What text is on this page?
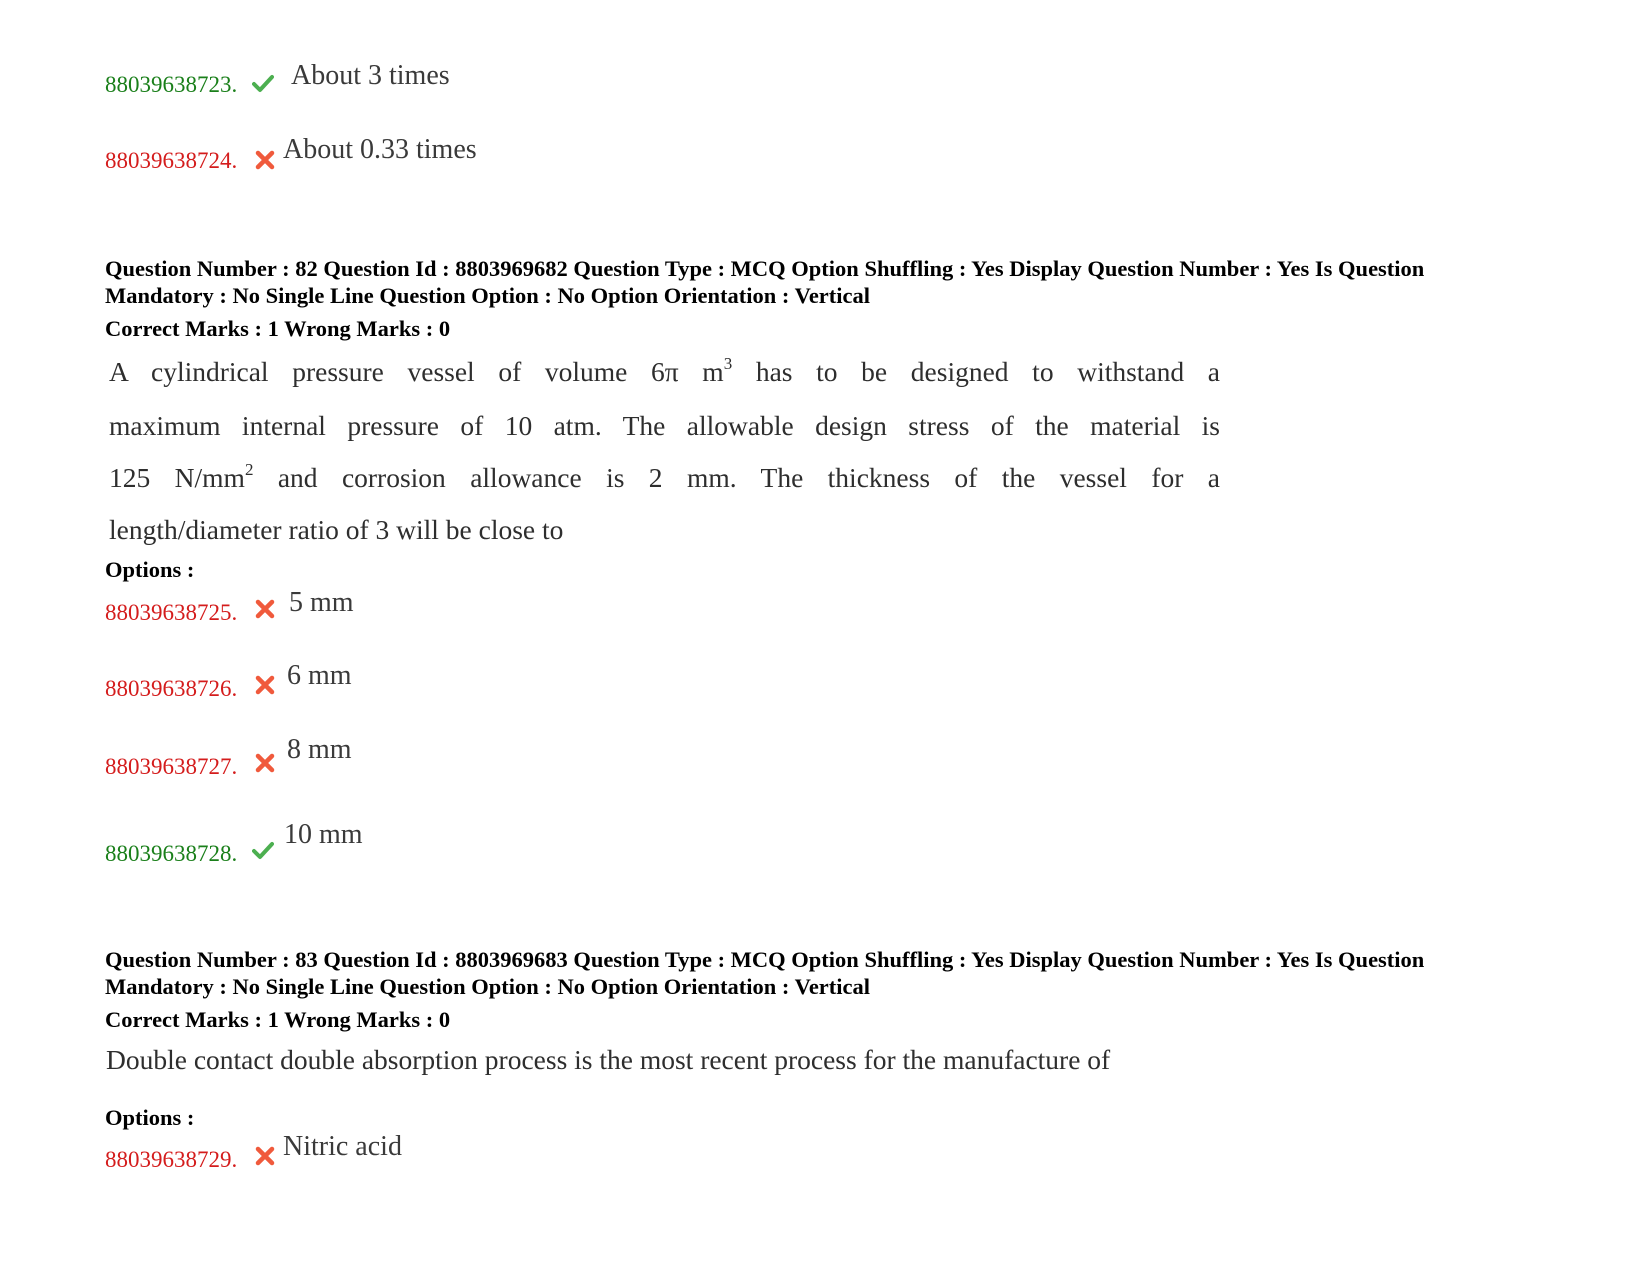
88039638723. About 3 times
88039638724. About 0.33 times
Question Number : 82 Question Id : 8803969682 Question Type : MCQ Option Shuffling : Yes Display Question Number : Yes Is Question
Mandatory : No Single Line Question Option : No Option Orientation : Vertical
Correct Marks : 1 Wrong Marks : 0
A cylindrical pressure vessel of volume 6π $m^3$ has to be designed to withstand a
maximum internal pressure of 10 atm. The allowable design stress of the material is
125 $N/mm^2$ and corrosion allowance is 2 mm. The thickness of the vessel for a
length/diameter ratio of 3 will be close to
Options :
88039638725. 5 mm
88039638726. 6 mm
88039638727.
8 mm
88039638728.
10 mm
Question Number : 83 Question Id : 8803969683 Question Type : MCQ Option Shuffling : Yes Display Question Number : Yes Is Question
Mandatory : No Single Line Question Option : No Option Orientation : Vertical
Correct Marks : 1 Wrong Marks : 0
Double contact double absorption process is the most recent process for the manufacture of
Options :
88039638729. Nitric acid
